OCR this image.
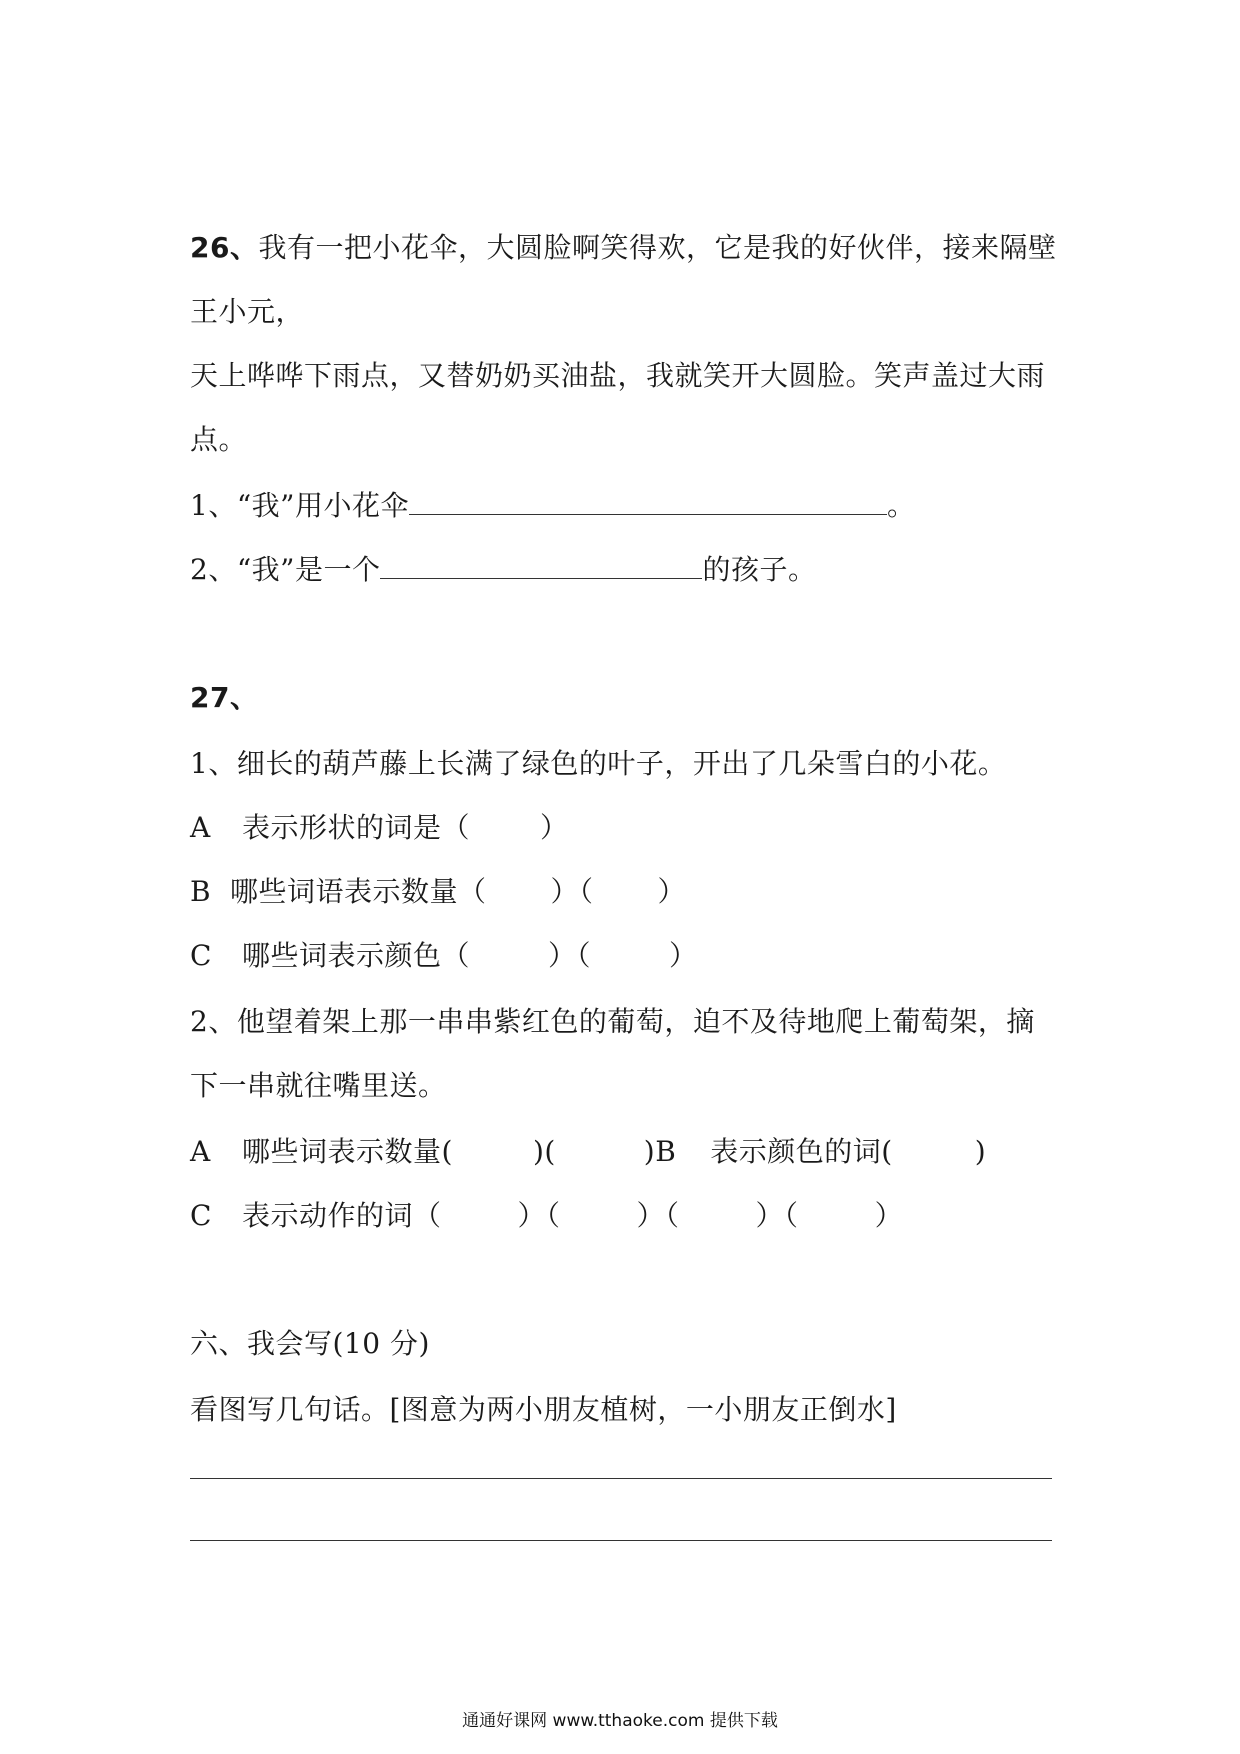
26、我有一把小花伞，大圆脸啊笑得欢，它是我的好伙伴，接来隔壁
王小元，
天上哗哗下雨点，又替奶奶买油盐，我就笑开大圆脸。笑声盖过大雨
点。
1、“我”用小花伞	。
2、“我”是一个	的孩子。
27、
1、细长的葫芦藤上长满了绿色的叶子，开出了几朵雪白的小花。
A 表示形状的词是（	）
B 哪些词语表示数量（ ）（ ）
C 哪些词表示颜色（	）（	）
2、他望着架上那一串串紫红色的葡萄，迫不及待地爬上葡萄架，摘
下一串就往嘴里送。
A 哪些词表示数量(	)(	)B 表示颜色的词(	)
C 表示动作的词（	）（	）（	）（	）
六、我会写(10 分)
看图写几句话。[图意为两小朋友植树，一小朋友正倒水]
通通好课网 www.tthaoke.com 提供下载
